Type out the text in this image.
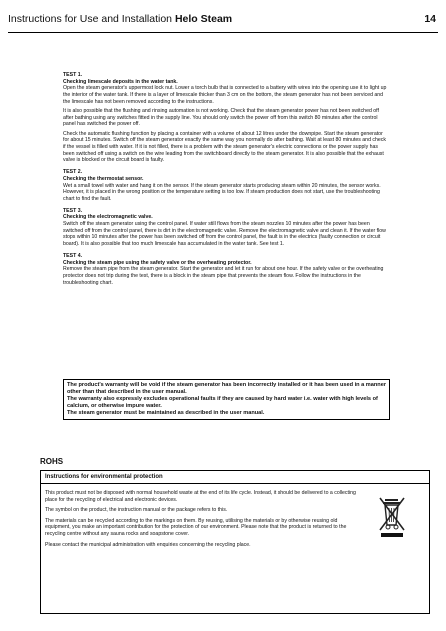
Instructions for Use and Installation Helo Steam	14
TEST 1.
Checking limescale deposits in the water tank.

Open the steam generator's uppermost lock nut. Lower a torch bulb that is connected to a battery with wires into the opening use it to light up the interior of the water tank. If there is a layer of limescale thicker than 3 cm on the bottom, the steam generator has not been serviced and the limescale has not been removed according to the instructions.

It is also possible that the flushing and rinsing automation is not working. Check that the steam generator power has not been switched off after bathing using any switches fitted in the supply line. You should only switch the power off from this switch 80 minutes after the control panel has switched the power off.

Check the automatic flushing function by placing a container with a volume of about 12 litres under the downpipe. Start the steam generator for about 15 minutes. Switch off the steam generator exactly the same way you normally do after bathing. Wait at least 80 minutes and check if the vessel is filled with water. If it is not filled, there is a problem with the steam generator's electric connections or the power supply has been switched off using a switch on the wire leading from the switchboard directly to the steam generator. It is also possible that the exhaust valve is blocked or the circuit board is faulty.

TEST 2.
Checking the thermostat sensor.

Wet a small towel with water and hang it on the sensor. If the steam generator starts producing steam within 20 minutes, the sensor works. However, it is placed in the wrong position or the temperature setting is too low. If steam production does not start, use the troubleshooting chart to find the fault.

TEST 3.
Checking the electromagnetic valve.

Switch off the steam generator using the control panel. If water still flows from the steam nozzles 10 minutes after the power has been switched off from the control panel, there is dirt in the electromagnetic valve. Remove the electromagnetic valve and clean it. If the water flow stops within 10 minutes after the power has been switched off from the control panel, the fault is in the electrics (faulty connection or circuit board). It is also possible that too much limescale has accumulated in the water tank. See test 1.

TEST 4.
Checking the steam pipe using the safety valve or the overheating protector.

Remove the steam pipe from the steam generator. Start the generator and let it run for about one hour. If the safety valve or the overheating protector does not trip during the test, there is a block in the steam pipe that prevents the steam flow. Follow the instructions in the troubleshooting chart.

The product's warranty will be void if the steam generator has been incorrectly installed or it has been used in a manner other than that described in the user manual.

The warranty also expressly excludes operational faults if they are caused by hard water i.e. water with high levels of calcium, or otherwise impure water.

The steam generator must be maintained as described in the user manual.

ROHS
Instructions for environmental protection

This product must not be disposed with normal household waste at the end of its life cycle. Instead, it should be delivered to a collecting place for the recycling of electrical and electronic devices.

The symbol on the product, the instruction manual or the package refers to this.

The materials can be recycled according to the markings on them. By reusing, utilising the materials or by otherwise reusing old equipment, you make an important contribution for the protection of our environment. Please note that the product is returned to the recycling centre without any sauna rocks and soapstone cover.

Please contact the municipal administration with enquiries concerning the recycling place.
